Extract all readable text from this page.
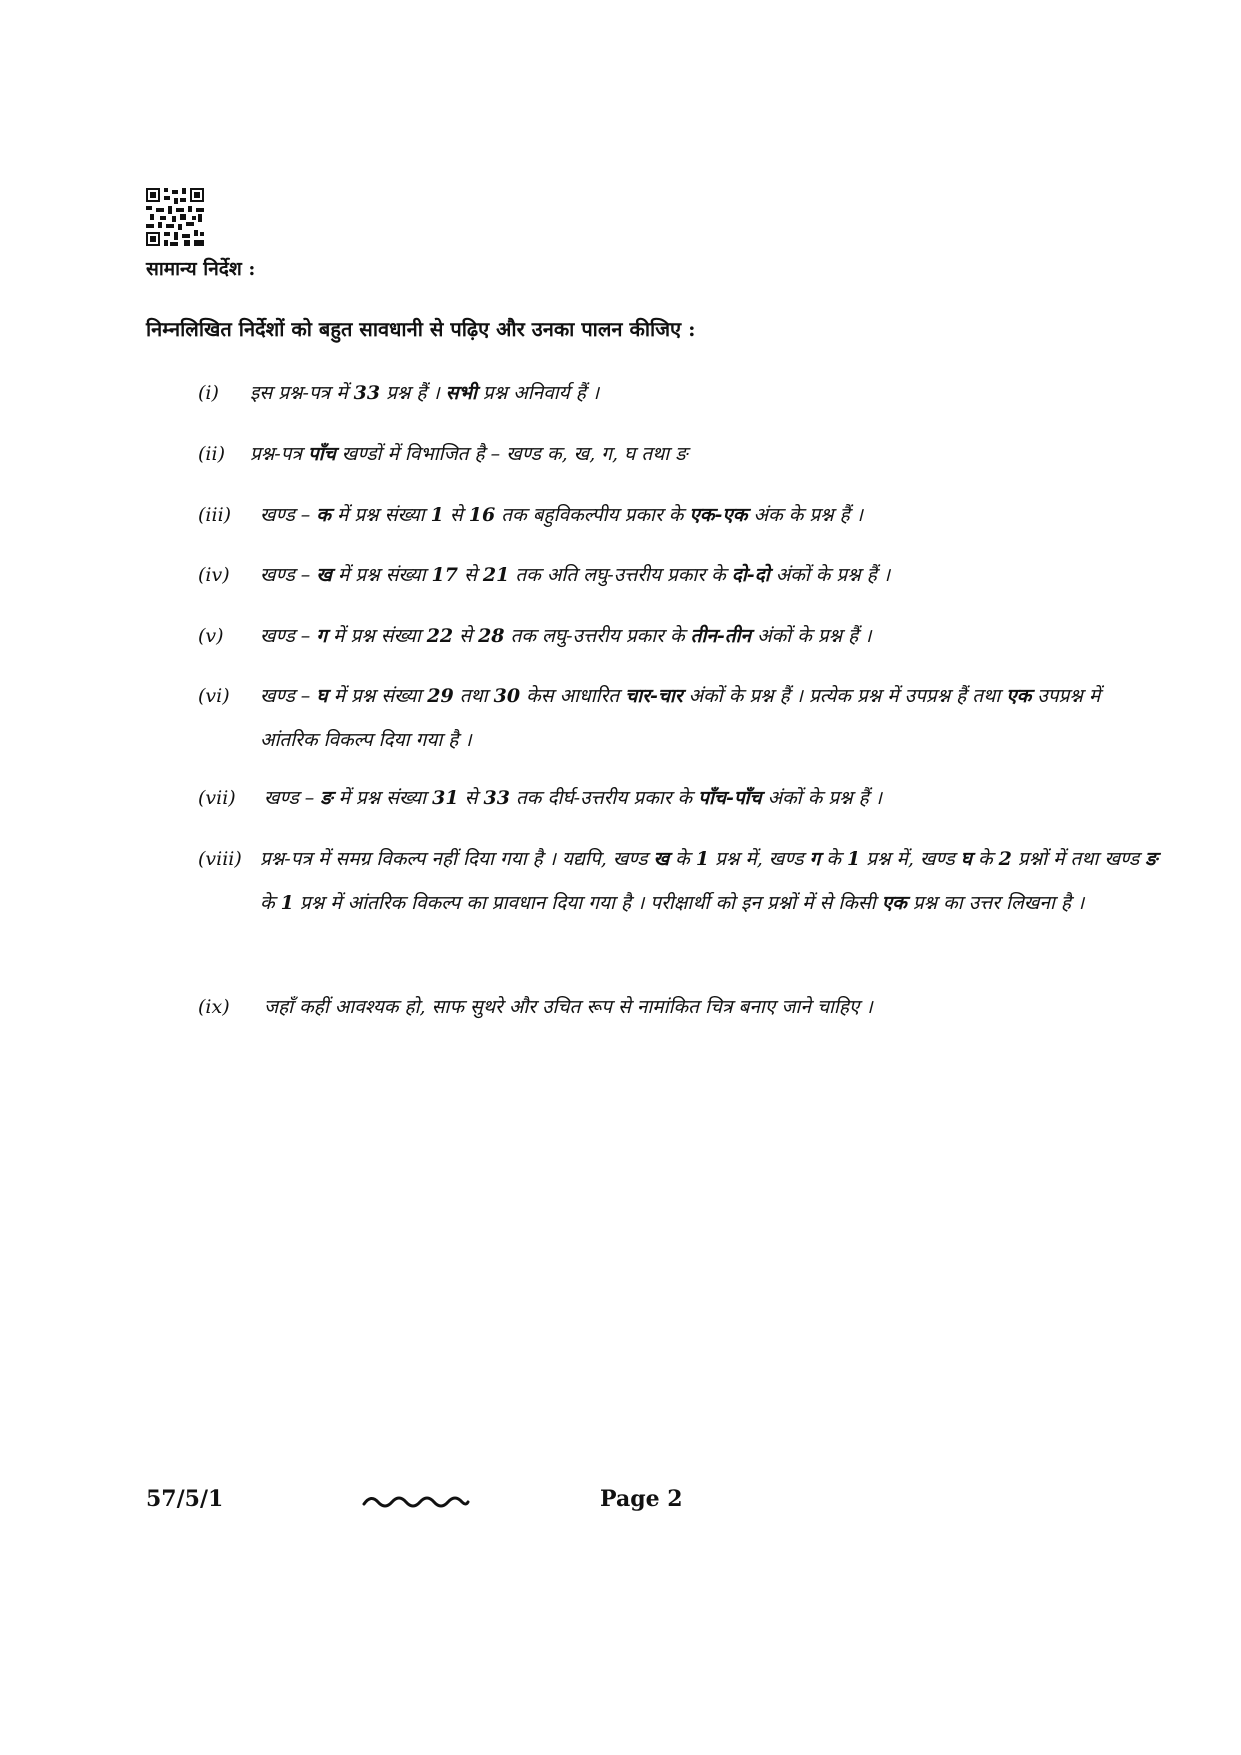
सामान्य निर्देश :
निम्नलिखित निर्देशों को बहुत सावधानी से पढ़िए और उनका पालन कीजिए :
(i) इस प्रश्न-पत्र में 33 प्रश्न हैं । सभी प्रश्न अनिवार्य हैं ।
(ii) प्रश्न-पत्र पाँच खण्डों में विभाजित है – खण्ड क, ख, ग, घ तथा ङ
(iii) खण्ड – क में प्रश्न संख्या 1 से 16 तक बहुविकल्पीय प्रकार के एक-एक अंक के प्रश्न हैं ।
(iv) खण्ड – ख में प्रश्न संख्या 17 से 21 तक अति लघु-उत्तरीय प्रकार के दो-दो अंकों के प्रश्न हैं ।
(v) खण्ड – ग में प्रश्न संख्या 22 से 28 तक लघु-उत्तरीय प्रकार के तीन-तीन अंकों के प्रश्न हैं ।
(vi) खण्ड – घ में प्रश्न संख्या 29 तथा 30 केस आधारित चार-चार अंकों के प्रश्न हैं । प्रत्येक प्रश्न में उपप्रश्न हैं तथा एक उपप्रश्न में आंतरिक विकल्प दिया गया है ।
(vii) खण्ड – ङ में प्रश्न संख्या 31 से 33 तक दीर्घ-उत्तरीय प्रकार के पाँच-पाँच अंकों के प्रश्न हैं ।
(viii) प्रश्न-पत्र में समग्र विकल्प नहीं दिया गया है । यद्यपि, खण्ड ख के 1 प्रश्न में, खण्ड ग के 1 प्रश्न में, खण्ड घ के 2 प्रश्नों में तथा खण्ड ङ के 1 प्रश्न में आंतरिक विकल्प का प्रावधान दिया गया है । परीक्षार्थी को इन प्रश्नों में से किसी एक प्रश्न का उत्तर लिखना है ।
(ix) जहाँ कहीं आवश्यक हो, साफ सुथरे और उचित रूप से नामांकित चित्र बनाए जाने चाहिए ।
57/5/1	Page 2
